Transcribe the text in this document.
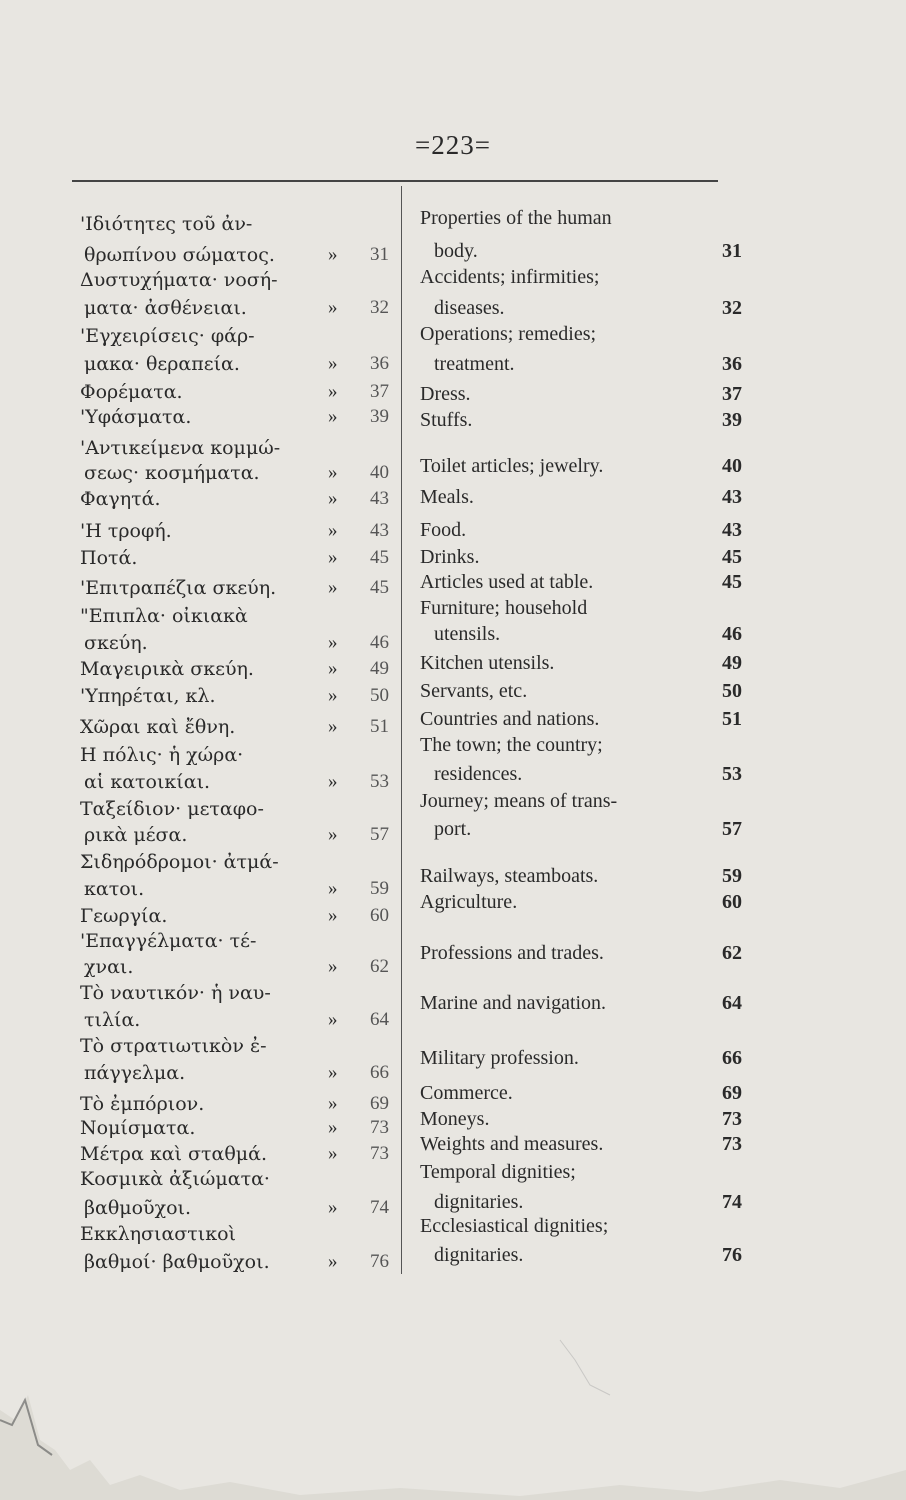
=223=
'Ιδιότητες τοῦ ἀν-
θρωπίνου σώματος.	»	31
Δυστυχήματα· νοσή-
ματα· ἀσθένειαι.	»	32
'Εγχειρίσεις· φάρ-
μακα· θεραπεία.	»	36
Φορέματα.	»	37
'Υφάσματα.	»	39
'Αντικείμενα κομμώ-
σεως· κοσμήματα.	»	40
Φαγητά.	»	43
'Η τροφή.	»	43
Ποτά.	»	45
'Επιτραπέζια σκεύη.	»	45
"Επιπλα· οἰκιακὰ
σκεύη.	»	46
Μαγειρικὰ σκεύη.	»	49
'Υπηρέται, κλ.	»	50
Χῶραι καὶ ἔθνη.	»	51
Η πόλις· ἡ χώρα·
αἱ κατοικίαι.	»	53
Ταξείδιον· μεταφο-
ρικὰ μέσα.	»	57
Σιδηρόδρομοι· ἀτμά-
κατοι.	»	59
Γεωργία.	»	60
'Επαγγέλματα· τέ-
χναι.	»	62
Τὸ ναυτικόν· ἡ ναυ-
τιλία.	»	64
Τὸ στρατιωτικὸν ἐ-
πάγγελμα.	»	66
Τὸ ἐμπόριον.	»	69
Νομίσματα.	»	73
Μέτρα καὶ σταθμά.	»	73
Κοσμικὰ ἀξιώματα·
βαθμοῦχοι.	»	74
Εκκλησιαστικοὶ
βαθμοί· βαθμοῦχοι.	»	76
Properties of the human
body.	31
Accidents; infirmities;
diseases.	32
Operations; remedies;
treatment.	36
Dress.	37
Stuffs.	39
Toilet articles; jewelry.	40
Meals.	43
Food.	43
Drinks.	45
Articles used at table.	45
Furniture; household
utensils.	46
Kitchen utensils.	49
Servants, etc.	50
Countries and nations.	51
The town; the country;
residences.	53
Journey; means of trans-
port.	57
Railways, steamboats.	59
Agriculture.	60
Professions and trades.	62
Marine and navigation.	64
Military profession.	66
Commerce.	69
Moneys.	73
Weights and measures.	73
Temporal dignities;
dignitaries.	74
Ecclesiastical dignities;
dignitaries.	76
